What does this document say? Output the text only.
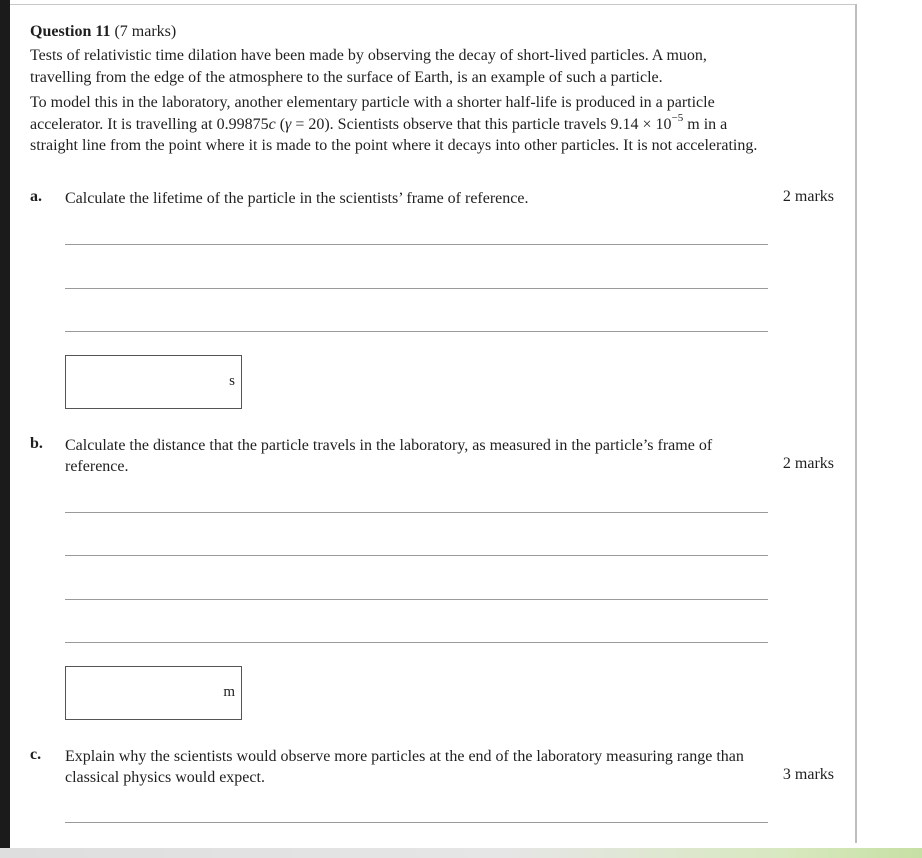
Question 11 (7 marks)
Tests of relativistic time dilation have been made by observing the decay of short-lived particles. A muon, travelling from the edge of the atmosphere to the surface of Earth, is an example of such a particle.
To model this in the laboratory, another elementary particle with a shorter half-life is produced in a particle accelerator. It is travelling at 0.99875c (γ = 20). Scientists observe that this particle travels $9.14 \times 10^{-5}$ m in a straight line from the point where it is made to the point where it decays into other particles. It is not accelerating.
a. Calculate the lifetime of the particle in the scientists’ frame of reference.	2 marks
s
b. Calculate the distance that the particle travels in the laboratory, as measured in the particle’s frame of reference.	2 marks
m
c. Explain why the scientists would observe more particles at the end of the laboratory measuring range than classical physics would expect.	3 marks
